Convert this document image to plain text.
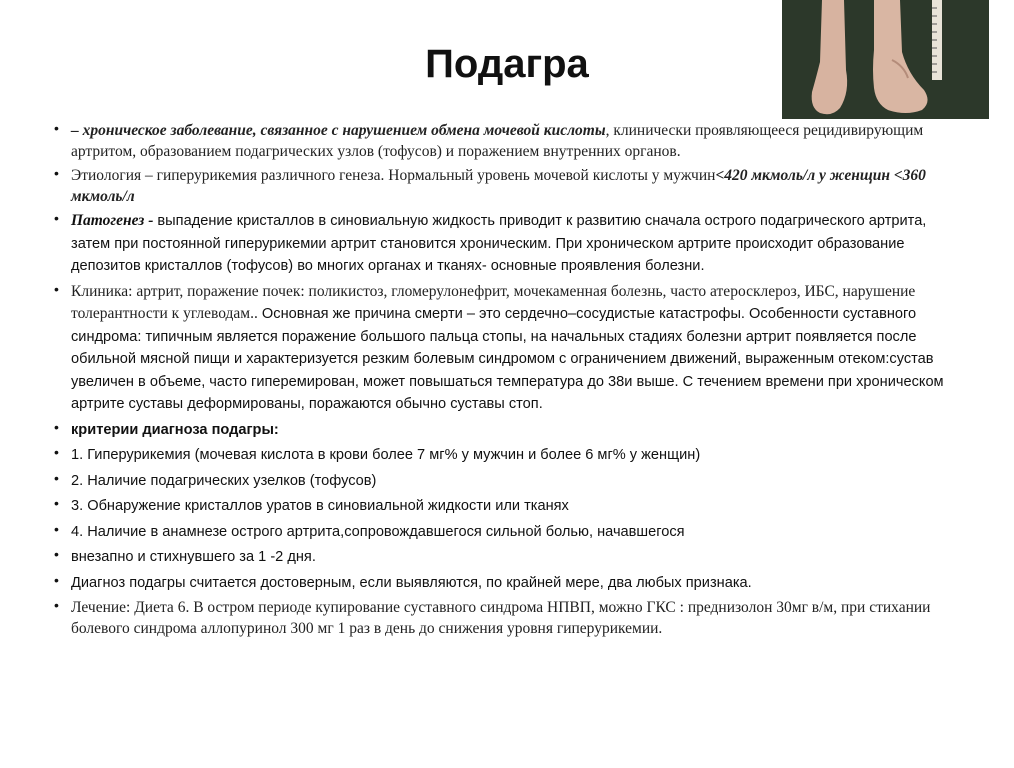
Подагра
• – хроническое заболевание, связанное с нарушением обмена мочевой кислоты, клинически проявляющееся рецидивирующим артритом, образованием подагрических узлов (тофусов) и поражением внутренних органов.
• Этиология – гиперурикемия различного генеза. Нормальный уровень мочевой кислоты у мужчин<420 мкмоль/л у женщин <360 мкмоль/л
• Патогенез - выпадение кристаллов в синовиальную жидкость приводит к развитию сначала острого подагрического артрита, затем при постоянной гиперурикемии артрит становится хроническим. При хроническом артрите происходит образование депозитов кристаллов (тофусов) во многих органах и тканях- основные проявления болезни.
• Клиника: артрит, поражение почек: поликистоз, гломерулонефрит, мочекаменная болезнь, часто атеросклероз, ИБС, нарушение толерантности к углеводам.. Основная же причина смерти – это сердечно–сосудистые катастрофы. Особенности суставного синдрома: типичным является поражение большого пальца стопы, на начальных стадиях болезни артрит появляется после обильной мясной пищи и характеризуется резким болевым синдромом с ограничением движений, выраженным отеком:сустав увеличен в объеме, часто гиперемирован, может повышаться температура до 38и выше. С течением времени при хроническом артрите суставы деформированы, поражаются обычно суставы стоп.
• критерии диагноза подагры:
• 1. Гиперурикемия (мочевая кислота в крови более 7 мг% у мужчин и более 6 мг% у женщин)
• 2. Наличие подагрических узелков (тофусов)
• 3. Обнаружение кристаллов уратов в синовиальной жидкости или тканях
• 4. Наличие в анамнезе острого артрита,сопровождавшегося сильной болью, начавшегося
• внезапно и стихнувшего за 1 -2 дня.
• Диагноз подагры считается достоверным, если выявляются, по крайней мере, два любых признака.
• Лечение: Диета 6. В остром периоде купирование суставного синдрома НПВП, можно ГКС : преднизолон 30мг в/м, при стихании болевого синдрома аллопуринол 300 мг 1 раз в день до снижения уровня гиперурикемии.
